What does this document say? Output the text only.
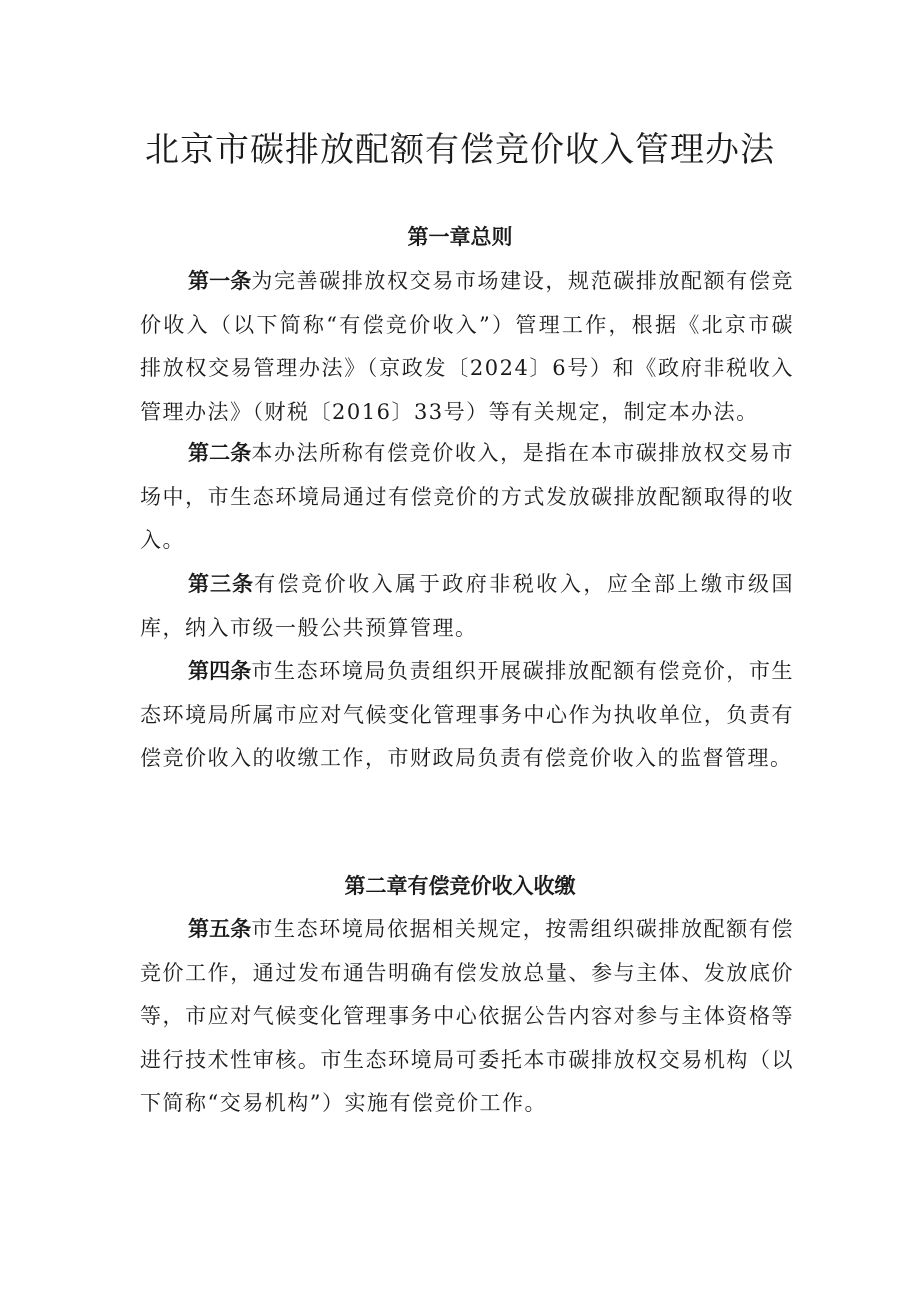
北京市碳排放配额有偿竞价收入管理办法
第一章总则

第一条为完善碳排放权交易市场建设，规范碳排放配额有偿竞价收入（以下简称“有偿竞价收入”）管理工作，根据《北京市碳排放权交易管理办法》（京政发〔2024〕6号）和《政府非税收入管理办法》（财税〔2016〕33号）等有关规定，制定本办法。

第二条本办法所称有偿竞价收入，是指在本市碳排放权交易市场中，市生态环境局通过有偿竞价的方式发放碳排放配额取得的收入。

第三条有偿竞价收入属于政府非税收入，应全部上缴市级国库，纳入市级一般公共预算管理。

第四条市生态环境局负责组织开展碳排放配额有偿竞价，市生态环境局所属市应对气候变化管理事务中心作为执收单位，负责有偿竞价收入的收缴工作，市财政局负责有偿竞价收入的监督管理。

第二章有偿竞价收入收缴

第五条市生态环境局依据相关规定，按需组织碳排放配额有偿竞价工作，通过发布通告明确有偿发放总量、参与主体、发放底价等，市应对气候变化管理事务中心依据公告内容对参与主体资格等进行技术性审核。市生态环境局可委托本市碳排放权交易机构（以下简称“交易机构”）实施有偿竞价工作。
